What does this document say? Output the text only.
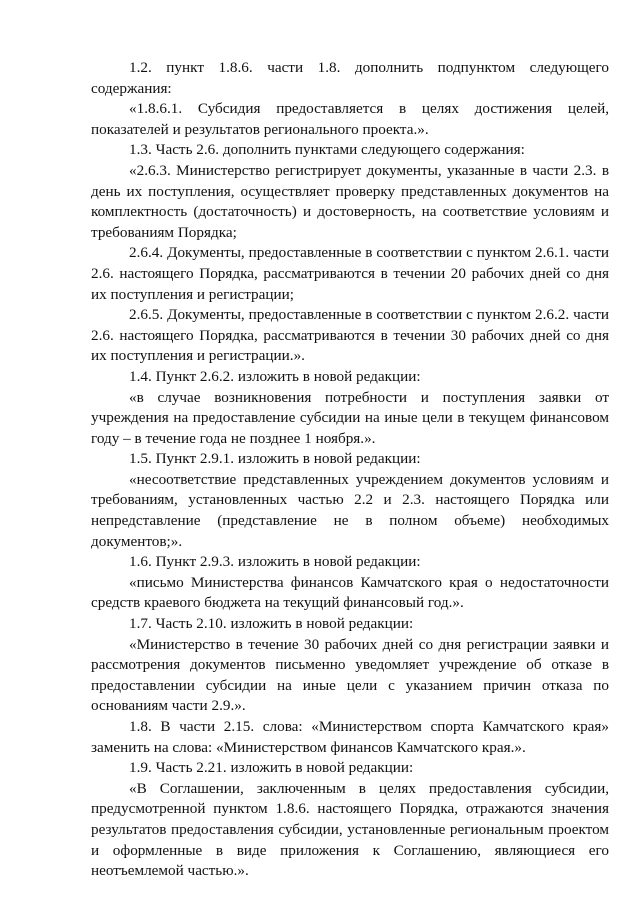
1.2. пункт 1.8.6. части 1.8. дополнить подпунктом следующего содержания:

«1.8.6.1. Субсидия предоставляется в целях достижения целей, показателей и результатов регионального проекта.».

1.3. Часть 2.6. дополнить пунктами следующего содержания:

«2.6.3. Министерство регистрирует документы, указанные в части 2.3. в день их поступления, осуществляет проверку представленных документов на комплектность (достаточность) и достоверность, на соответствие условиям и требованиям Порядка;

2.6.4. Документы, предоставленные в соответствии с пунктом 2.6.1. части 2.6. настоящего Порядка, рассматриваются в течении 20 рабочих дней со дня их поступления и регистрации;

2.6.5. Документы, предоставленные в соответствии с пунктом 2.6.2. части 2.6. настоящего Порядка, рассматриваются в течении 30 рабочих дней со дня их поступления и регистрации.».

1.4. Пункт 2.6.2. изложить в новой редакции:

«в случае возникновения потребности и поступления заявки от учреждения на предоставление субсидии на иные цели в текущем финансовом году – в течение года не позднее 1 ноября.».

1.5. Пункт 2.9.1. изложить в новой редакции:

«несоответствие представленных учреждением документов условиям и требованиям, установленных частью 2.2 и 2.3. настоящего Порядка или непредставление (представление не в полном объеме) необходимых документов;».

1.6. Пункт 2.9.3. изложить в новой редакции:

«письмо Министерства финансов Камчатского края о недостаточности средств краевого бюджета на текущий финансовый год.».

1.7. Часть 2.10. изложить в новой редакции:

«Министерство в течение 30 рабочих дней со дня регистрации заявки и рассмотрения документов письменно уведомляет учреждение об отказе в предоставлении субсидии на иные цели с указанием причин отказа по основаниям части 2.9.».

1.8. В части 2.15. слова: «Министерством спорта Камчатского края» заменить на слова: «Министерством финансов Камчатского края.».

1.9. Часть 2.21. изложить в новой редакции:

«В Соглашении, заключенным в целях предоставления субсидии, предусмотренной пунктом 1.8.6. настоящего Порядка, отражаются значения результатов предоставления субсидии, установленные региональным проектом и оформленные в виде приложения к Соглашению, являющиеся его неотъемлемой частью.».
